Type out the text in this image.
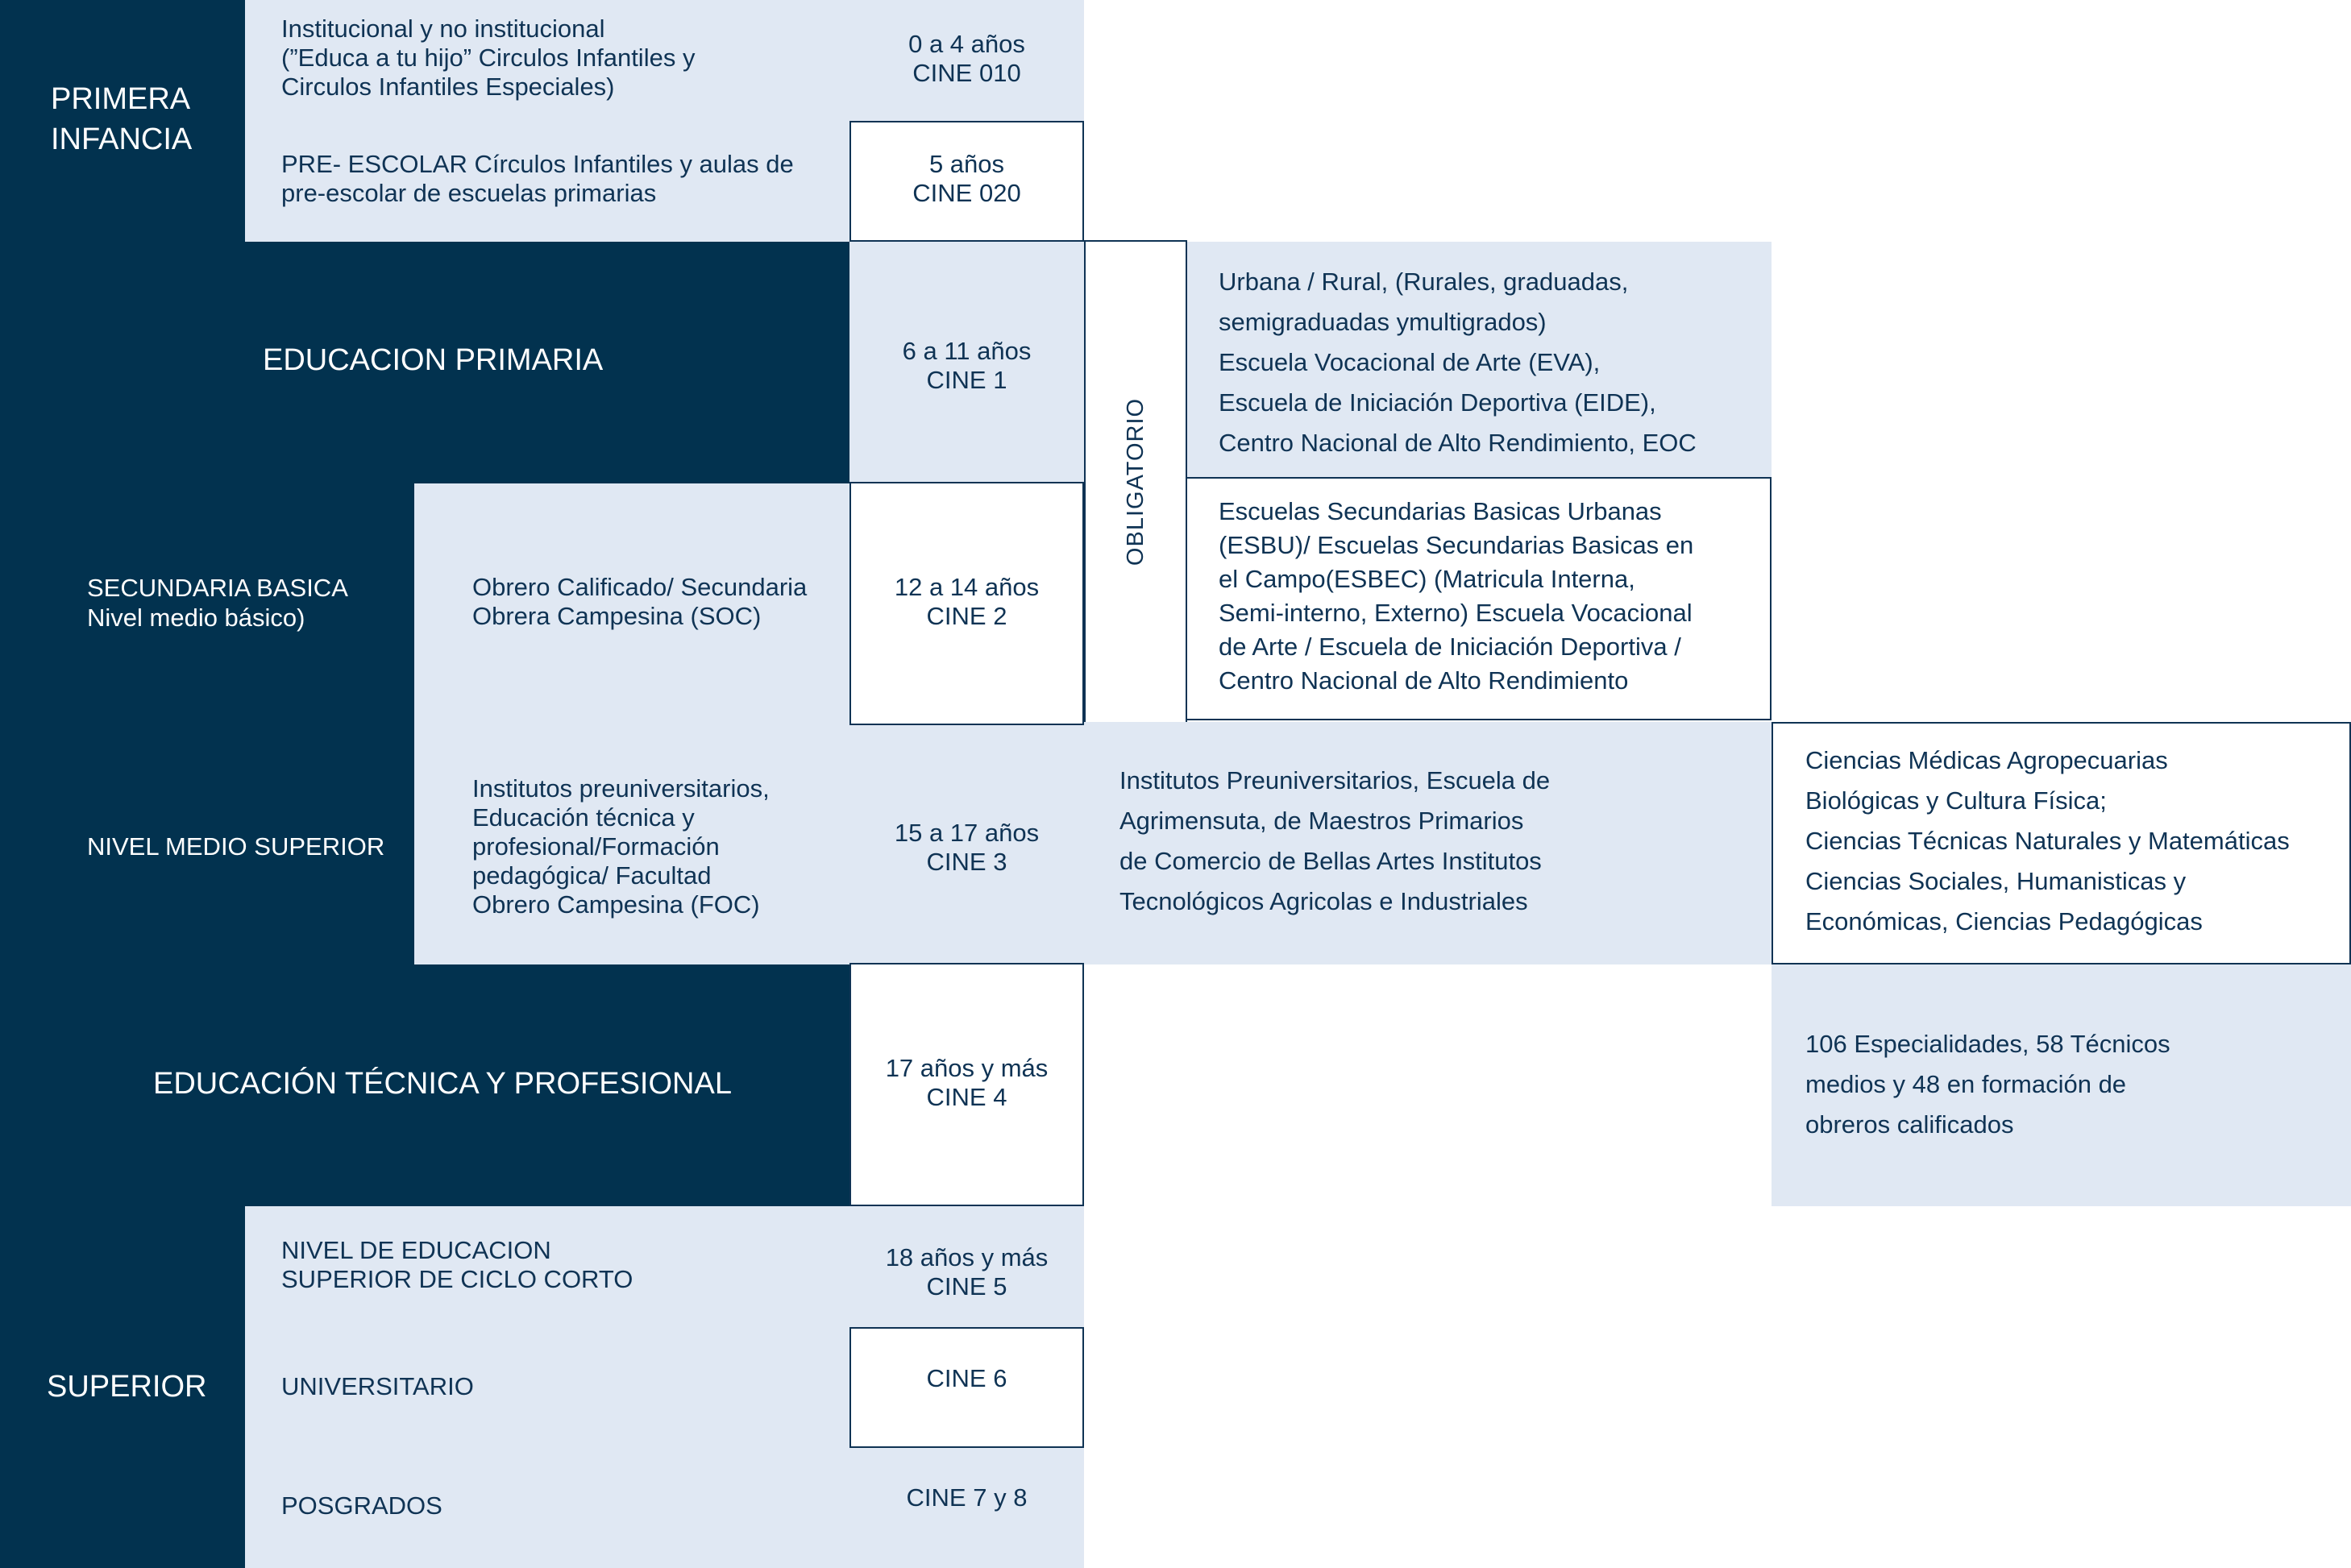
PRIMERA
INFANCIA
Institucional y no institucional
(”Educa a tu hijo” Circulos Infantiles y
Circulos Infantiles Especiales)
PRE- ESCOLAR Círculos Infantiles y aulas de
pre-escolar de escuelas primarias
0 a 4 años
CINE 010
5 años
CINE 020
EDUCACION PRIMARIA	6 a 11 años
CINE 1
OBLIGATORIO
Urbana / Rural, (Rurales, graduadas,
semigraduadas ymultigrados)
Escuela Vocacional de Arte (EVA),
Escuela de Iniciación Deportiva (EIDE),
Centro Nacional de Alto Rendimiento, EOC
SECUNDARIA BASICA
Nivel medio básico)
Obrero Calificado/ Secundaria
Obrera Campesina (SOC)
12 a 14 años
CINE 2
Escuelas Secundarias Basicas Urbanas
(ESBU)/ Escuelas Secundarias Basicas en
el Campo(ESBEC) (Matricula Interna,
Semi-interno, Externo) Escuela Vocacional
de Arte / Escuela de Iniciación Deportiva /
Centro Nacional de Alto Rendimiento
NIVEL MEDIO SUPERIOR
Institutos preuniversitarios,
Educación técnica y
profesional/Formación
pedagógica/ Facultad
Obrero Campesina (FOC)
15 a 17 años
CINE 3
Institutos Preuniversitarios, Escuela de
Agrimensuta, de Maestros Primarios
de Comercio de Bellas Artes Institutos
Tecnológicos Agricolas e Industriales
Ciencias Médicas Agropecuarias
Biológicas y Cultura Física;
Ciencias Técnicas Naturales y Matemáticas
Ciencias Sociales, Humanisticas y
Económicas, Ciencias Pedagógicas
EDUCACIÓN TÉCNICA Y PROFESIONAL	17 años y más
CINE 4
106 Especialidades, 58 Técnicos
medios y 48 en formación de
obreros calificados
SUPERIOR
NIVEL DE EDUCACION
SUPERIOR DE CICLO CORTO
UNIVERSITARIO
POSGRADOS
18 años y más
CINE 5
CINE 6
CINE 7 y 8
